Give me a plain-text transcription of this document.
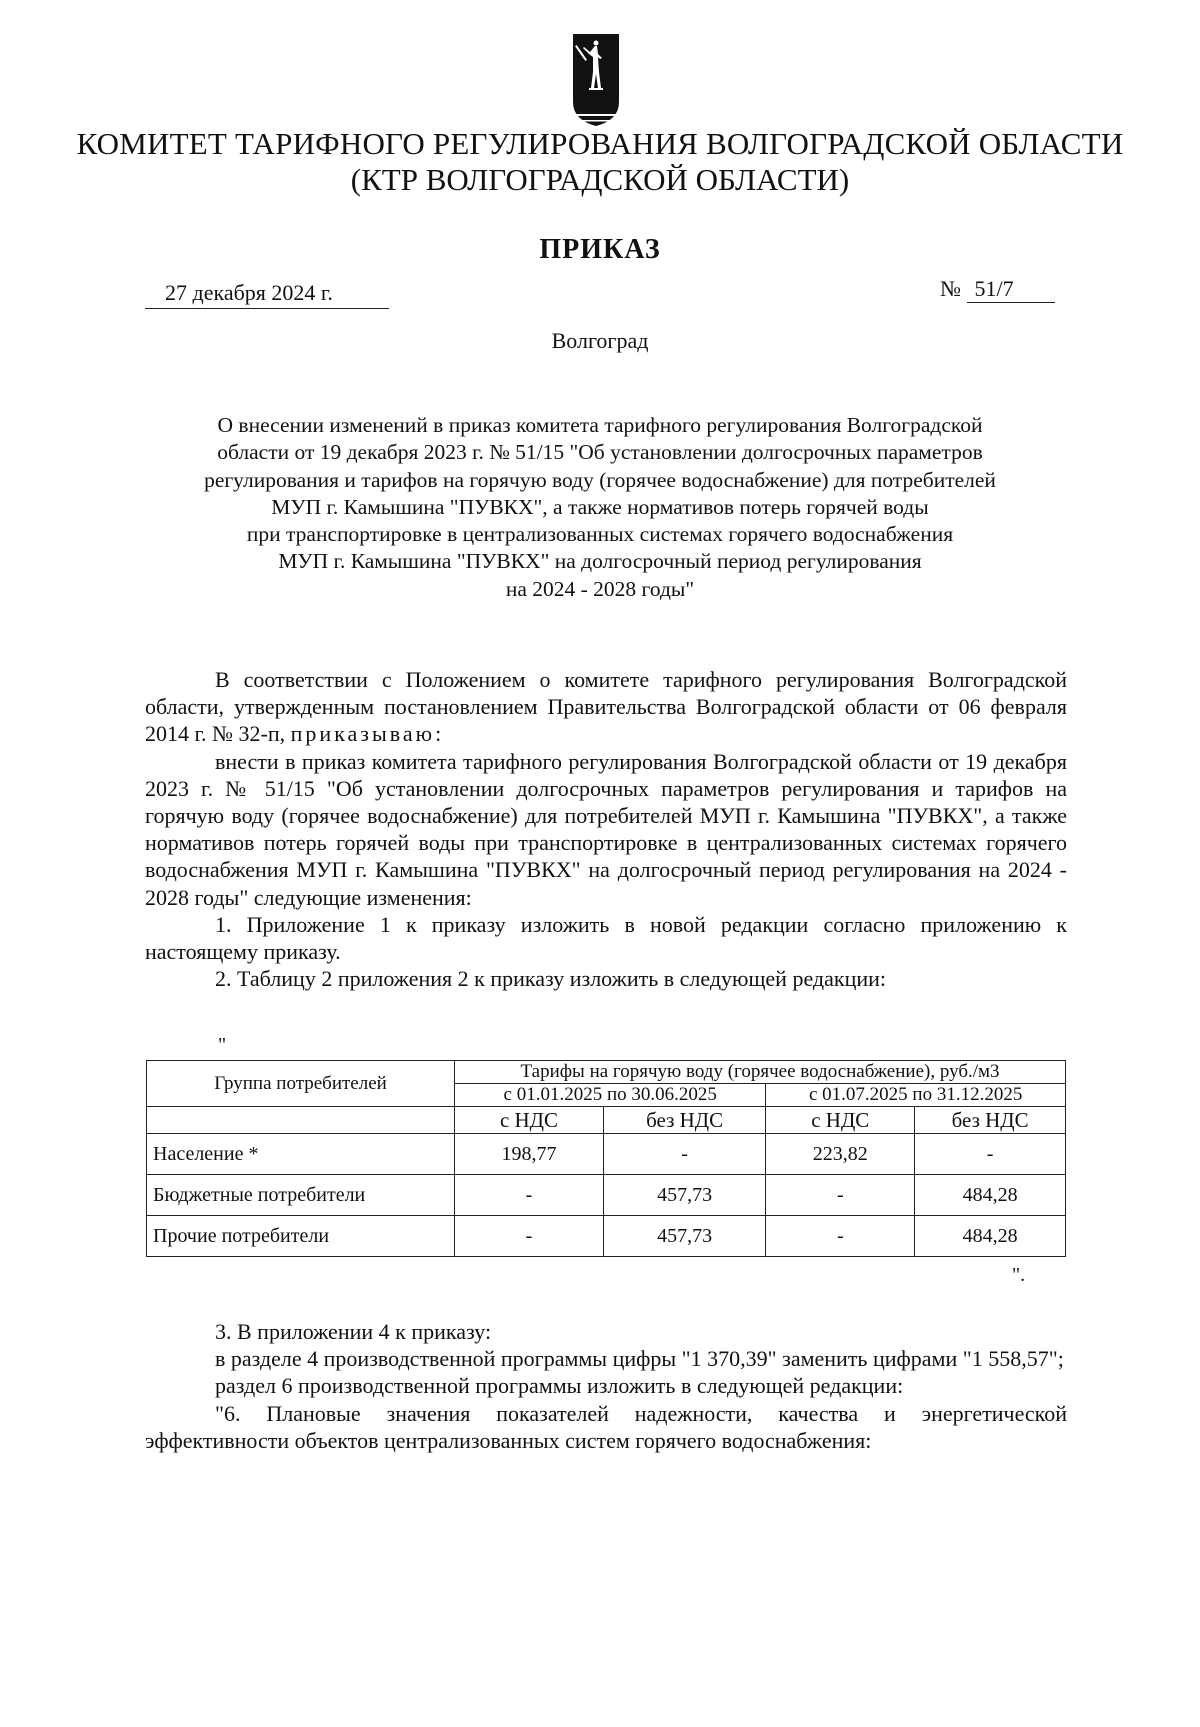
КОМИТЕТ ТАРИФНОГО РЕГУЛИРОВАНИЯ ВОЛГОГРАДСКОЙ ОБЛАСТИ
(КТР ВОЛГОГРАДСКОЙ ОБЛАСТИ)
ПРИКАЗ
27 декабря 2024 г.	№ 51/7
Волгоград
О внесении изменений в приказ комитета тарифного регулирования Волгоградской
области от 19 декабря 2023 г. № 51/15 "Об установлении долгосрочных параметров
регулирования и тарифов на горячую воду (горячее водоснабжение) для потребителей
МУП г. Камышина "ПУВКХ", а также нормативов потерь горячей воды
при транспортировке в централизованных системах горячего водоснабжения
МУП г. Камышина "ПУВКХ" на долгосрочный период регулирования
на 2024 - 2028 годы"
В соответствии с Положением о комитете тарифного регулирования Волгоградской области, утвержденным постановлением Правительства Волгоградской области от 06 февраля 2014 г. № 32-п, приказываю:
внести в приказ комитета тарифного регулирования Волгоградской области от 19 декабря 2023 г. № 51/15 "Об установлении долгосрочных параметров регулирования и тарифов на горячую воду (горячее водоснабжение) для потребителей МУП г. Камышина "ПУВКХ", а также нормативов потерь горячей воды при транспортировке в централизованных системах горячего водоснабжения МУП г. Камышина "ПУВКХ" на долгосрочный период регулирования на 2024 - 2028 годы" следующие изменения:
1. Приложение 1 к приказу изложить в новой редакции согласно приложению к настоящему приказу.
2. Таблицу 2 приложения 2 к приказу изложить в следующей редакции:
"
Группа потребителей	Тарифы на горячую воду (горячее водоснабжение), руб./м3			
	с 01.01.2025 по 30.06.2025		с 01.07.2025 по 31.12.2025	
	с НДС	без НДС	с НДС	без НДС
Население *	198,77	-	223,82	-
Бюджетные потребители	-	457,73	-	484,28
Прочие потребители	-	457,73	-	484,28
".
3. В приложении 4 к приказу:
в разделе 4 производственной программы цифры "1 370,39" заменить цифрами "1 558,57";
раздел 6 производственной программы изложить в следующей редакции:
"6. Плановые значения показателей надежности, качества и энергетической эффективности объектов централизованных систем горячего водоснабжения:
